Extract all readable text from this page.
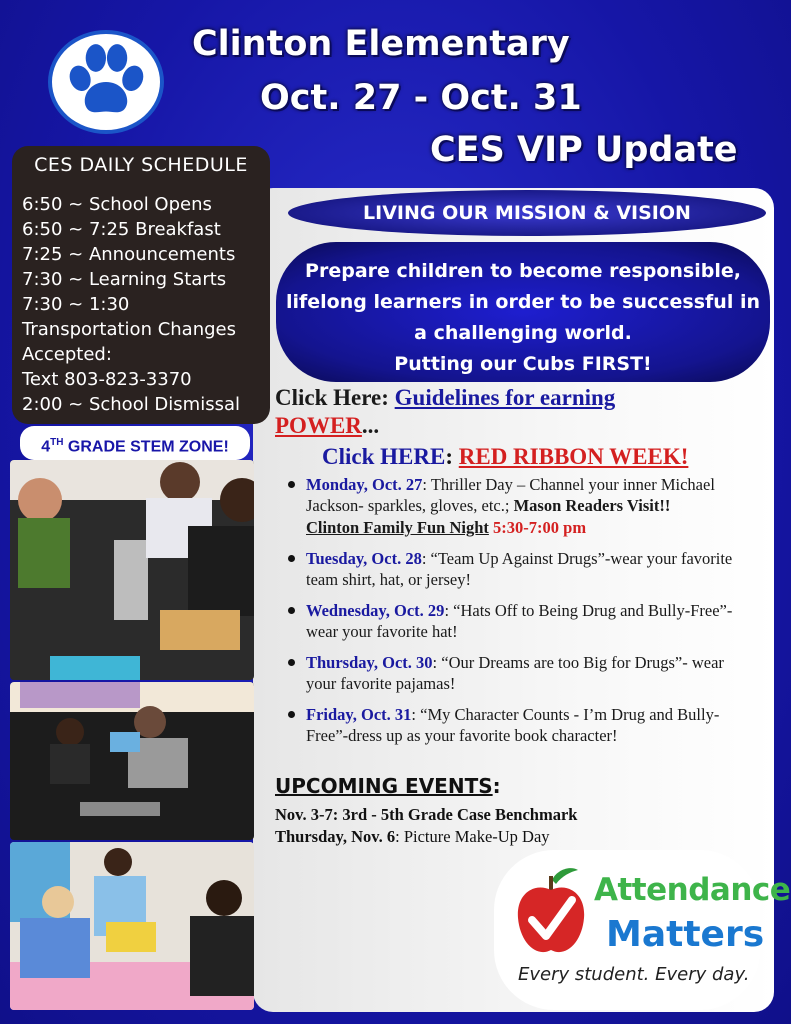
Clinton Elementary
Oct. 27 - Oct. 31
CES VIP Update
CES DAILY SCHEDULE
6:50 ~ School Opens
6:50 ~ 7:25 Breakfast
7:25 ~ Announcements
7:30 ~ Learning Starts
7:30 ~ 1:30
Transportation Changes
Accepted:
Text 803-823-3370
2:00 ~ School Dismissal
4TH GRADE STEM ZONE!
LIVING OUR MISSION & VISION
Prepare children to become responsible,
lifelong learners in order to be successful in
a challenging world.
Putting our Cubs FIRST!
Click Here: Guidelines for earning
POWER...
Click HERE: RED RIBBON WEEK!
Monday, Oct. 27: Thriller Day – Channel your inner Michael Jackson- sparkles, gloves, etc.; Mason Readers Visit!!
Clinton Family Fun Night 5:30-7:00 pm
Tuesday, Oct. 28: “Team Up Against Drugs”-wear your favorite team shirt, hat, or jersey!
Wednesday, Oct. 29: “Hats Off to Being Drug and Bully-Free”-wear your favorite hat!
Thursday, Oct. 30: “Our Dreams are too Big for Drugs”- wear your favorite pajamas!
Friday, Oct. 31: “My Character Counts - I’m Drug and Bully-Free”-dress up as your favorite book character!
UPCOMING EVENTS:
Nov. 3-7: 3rd - 5th Grade Case Benchmark
Thursday, Nov. 6: Picture Make-Up Day
Attendance
Matters
Every student. Every day.
